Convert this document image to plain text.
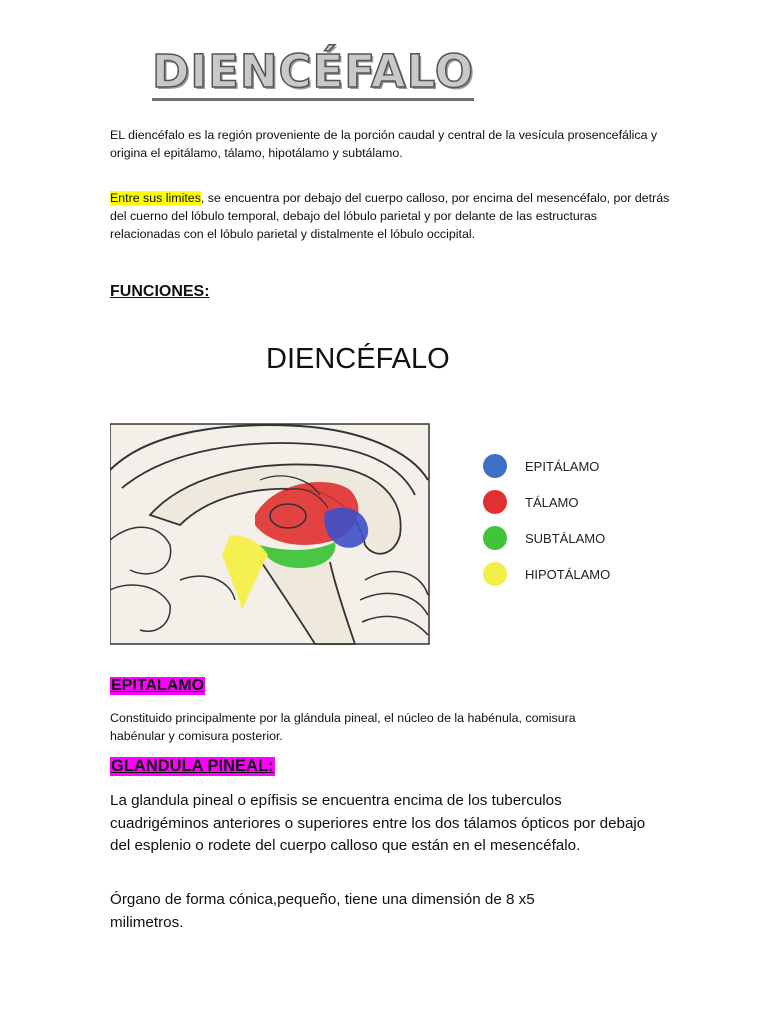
DIENCÉFALO

EL diencéfalo es la región proveniente de la porción caudal y central de la vesícula prosencefálica y origina el epitálamo, tálamo, hipotálamo y subtálamo.

Entre sus limites, se encuentra por debajo del cuerpo calloso, por encima del mesencéfalo, por detrás del cuerno del lóbulo temporal, debajo del lóbulo parietal y por delante de las estructuras relacionadas con el lóbulo parietal y distalmente el lóbulo occipital.

FUNCIONES:
DIENCÉFALO
EPITÁLAMO
TÁLAMO
SUBTÁLAMO
HIPOTÁLAMO
EPITALAMO

Constituido principalmente por la glándula pineal, el núcleo de la habénula, comisura habénular y comisura posterior.

GLANDULA PINEAL:

La glandula pineal o epífisis se encuentra encima de los tuberculos cuadrigéminos anteriores o superiores entre los dos tálamos ópticos por debajo del esplenio o rodete del cuerpo calloso que están en el mesencéfalo.

Órgano de forma cónica,pequeño, tiene una dimensión de 8 x5 milimetros.
